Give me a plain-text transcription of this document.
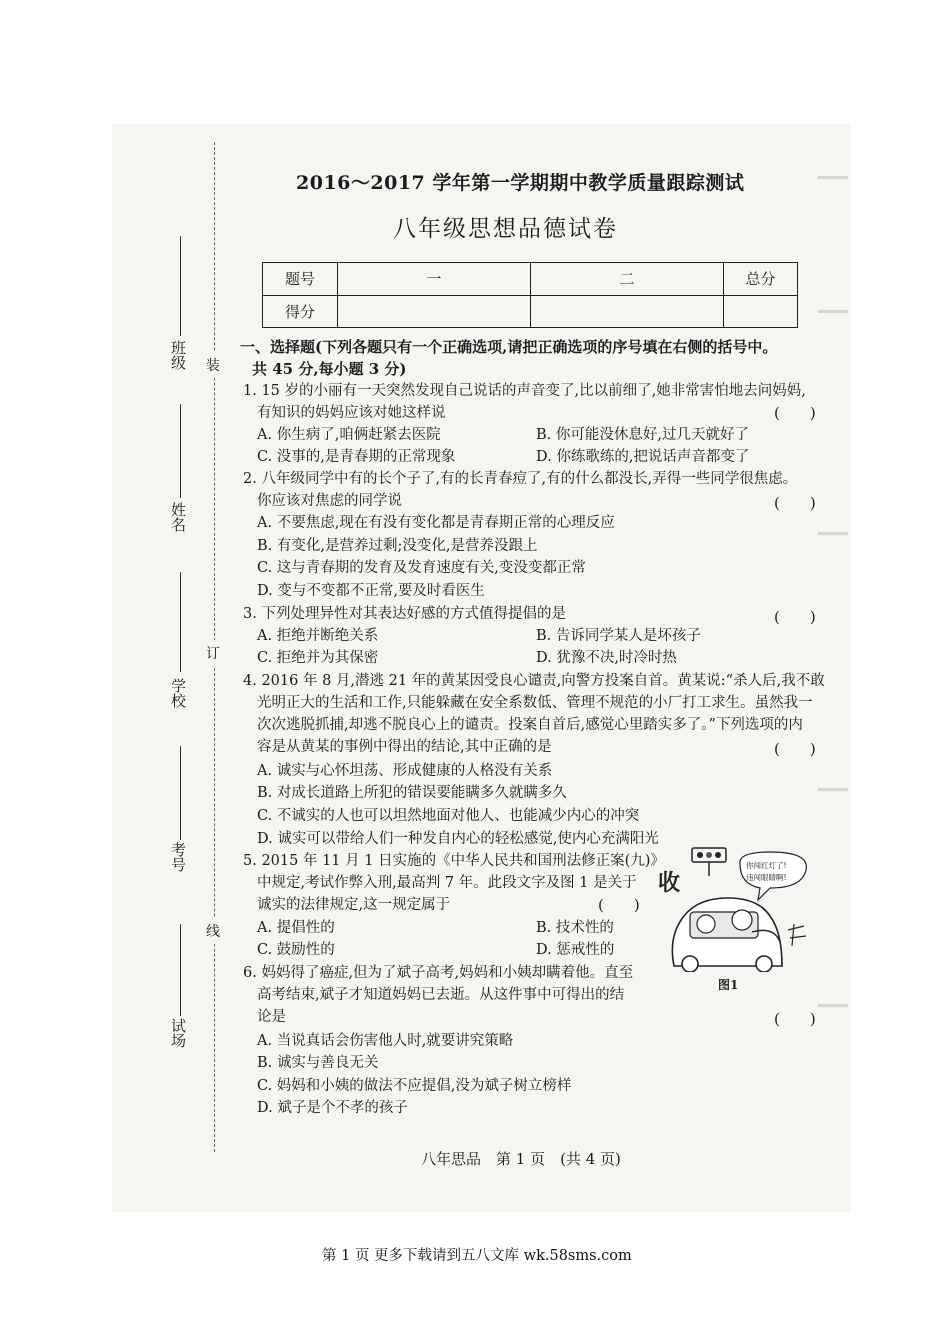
装
订
线
班级
姓名
学校
考号
试场
2016～2017 学年第一学期期中教学质量跟踪测试
八年级思想品德试卷
题号	一	二	总分
得分			
一、选择题(下列各题只有一个正确选项,请把正确选项的序号填在右侧的括号中。
共 45 分,每小题 3 分)
1. 15 岁的小丽有一天突然发现自己说话的声音变了,比以前细了,她非常害怕地去问妈妈,
有知识的妈妈应该对她这样说	(　　)
A. 你生病了,咱俩赶紧去医院	B. 你可能没休息好,过几天就好了
C. 没事的,是青春期的正常现象	D. 你练歌练的,把说话声音都变了
2. 八年级同学中有的长个子了,有的长青春痘了,有的什么都没长,弄得一些同学很焦虑。
你应该对焦虑的同学说	(　　)
A. 不要焦虑,现在有没有变化都是青春期正常的心理反应
B. 有变化,是营养过剩;没变化,是营养没跟上
C. 这与青春期的发育及发育速度有关,变没变都正常
D. 变与不变都不正常,要及时看医生
3. 下列处理异性对其表达好感的方式值得提倡的是	(　　)
A. 拒绝并断绝关系	B. 告诉同学某人是坏孩子
C. 拒绝并为其保密	D. 犹豫不决,时冷时热
4. 2016 年 8 月,潜逃 21 年的黄某因受良心谴责,向警方投案自首。黄某说:“杀人后,我不敢
光明正大的生活和工作,只能躲藏在安全系数低、管理不规范的小厂打工求生。虽然我一
次次逃脱抓捕,却逃不脱良心上的谴责。投案自首后,感觉心里踏实多了。”下列选项的内
容是从黄某的事例中得出的结论,其中正确的是	(　　)
A. 诚实与心怀坦荡、形成健康的人格没有关系
B. 对成长道路上所犯的错误要能瞒多久就瞒多久
C. 不诚实的人也可以坦然地面对他人、也能减少内心的冲突
D. 诚实可以带给人们一种发自内心的轻松感觉,使内心充满阳光
5. 2015 年 11 月 1 日实施的《中华人民共和国刑法修正案(九)》
中规定,考试作弊入刑,最高判 7 年。此段文字及图 1 是关于
诚实的法律规定,这一规定属于	(　　)
A. 提倡性的	B. 技术性的
C. 鼓励性的	D. 惩戒性的
收
你闯红灯了!
违闯眼睛啊!
图1
6. 妈妈得了癌症,但为了斌子高考,妈妈和小姨却瞒着他。直至
高考结束,斌子才知道妈妈已去逝。从这件事中可得出的结
论是	(　　)
A. 当说真话会伤害他人时,就要讲究策略
B. 诚实与善良无关
C. 妈妈和小姨的做法不应提倡,没为斌子树立榜样
D. 斌子是个不孝的孩子
八年思品　第 1 页　(共 4 页)
第 1 页 更多下载请到五八文库 wk.58sms.com
